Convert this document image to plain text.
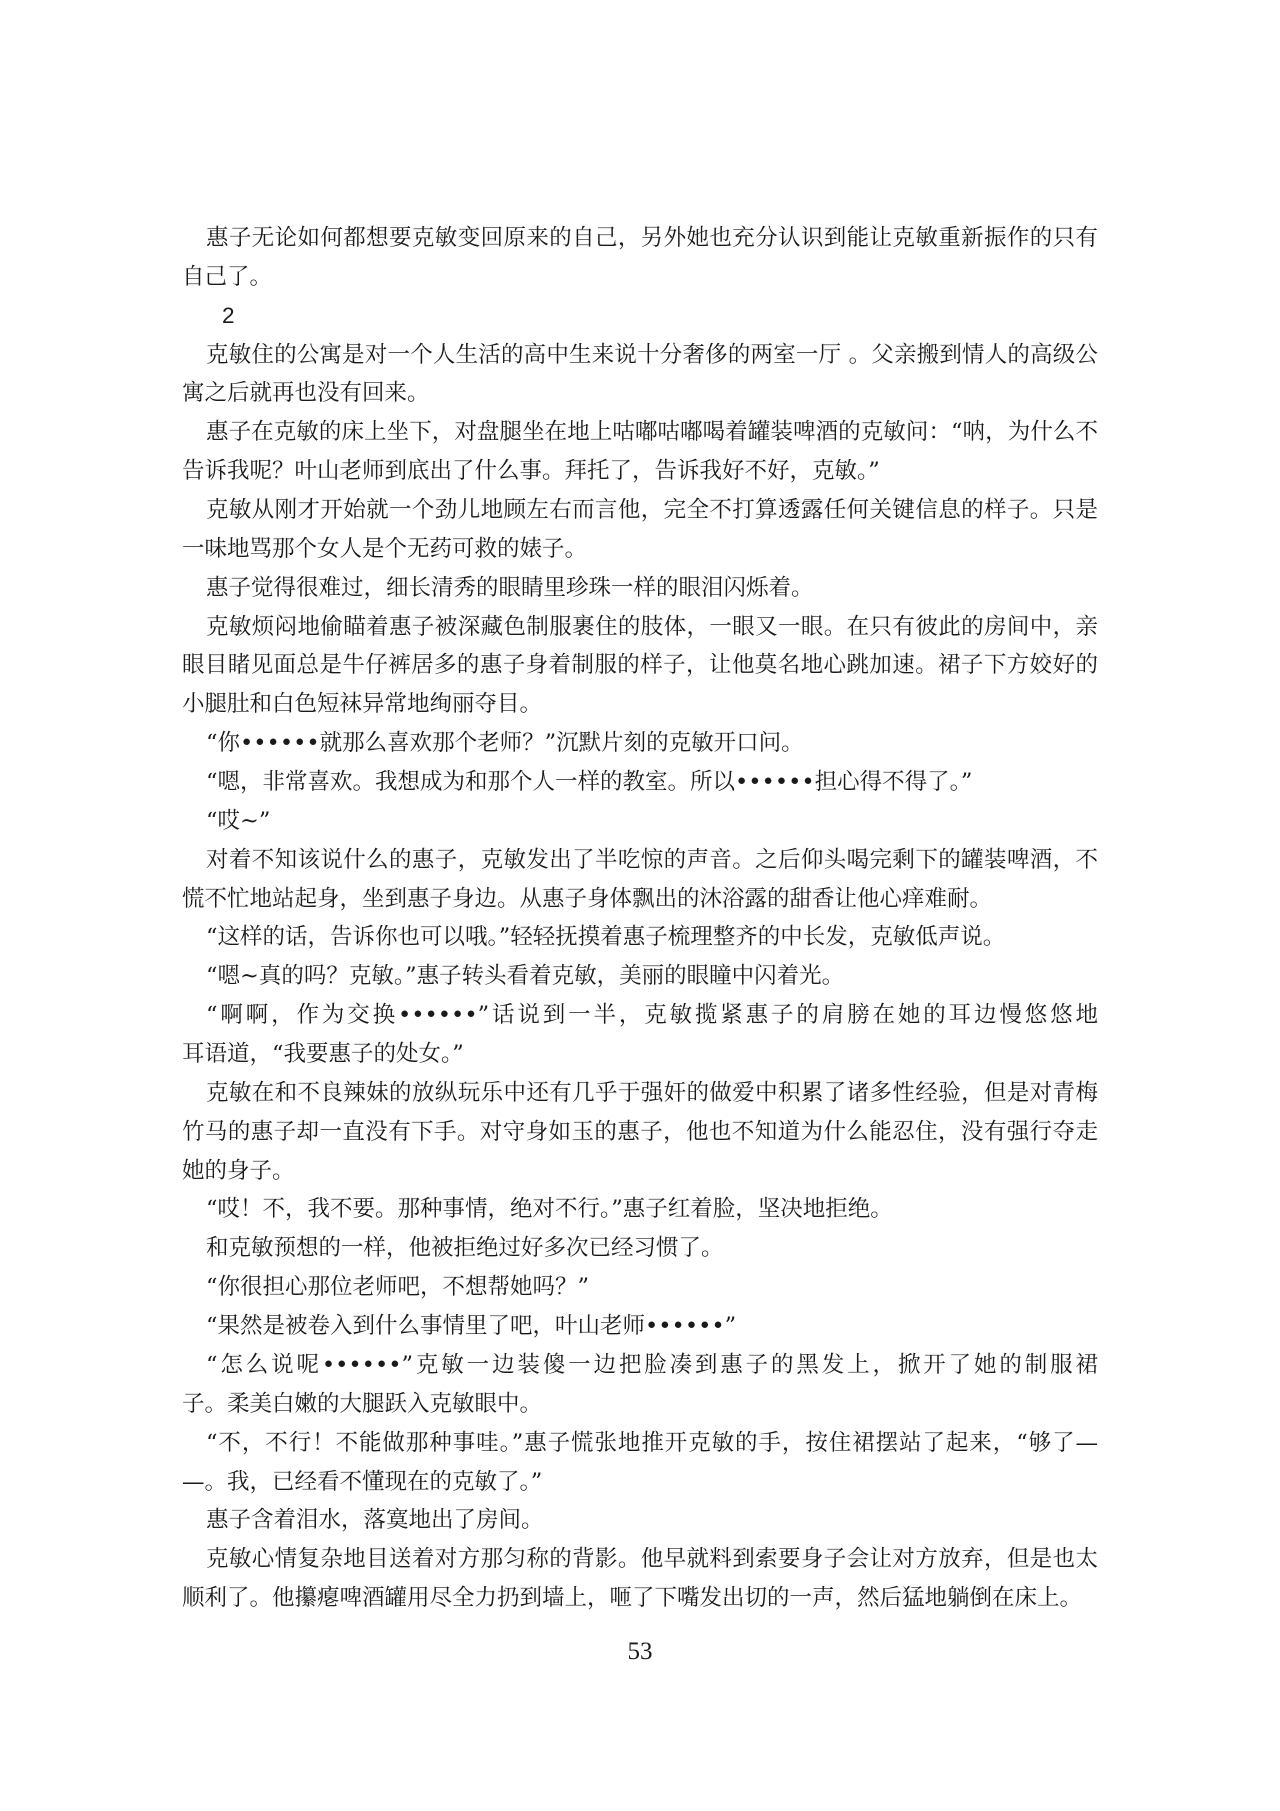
惠子无论如何都想要克敏变回原来的自己，另外她也充分认识到能让克敏重新振作的只有
自己了。
2
克敏住的公寓是对一个人生活的高中生来说十分奢侈的两室一厅 。父亲搬到情人的高级公
寓之后就再也没有回来。
惠子在克敏的床上坐下，对盘腿坐在地上咕嘟咕嘟喝着罐装啤酒的克敏问：“呐，为什么不
告诉我呢？叶山老师到底出了什么事。拜托了，告诉我好不好，克敏。”
克敏从刚才开始就一个劲儿地顾左右而言他，完全不打算透露任何关键信息的样子。只是
一味地骂那个女人是个无药可救的婊子。
惠子觉得很难过，细长清秀的眼睛里珍珠一样的眼泪闪烁着。
克敏烦闷地偷瞄着惠子被深藏色制服裹住的肢体，一眼又一眼。在只有彼此的房间中，亲
眼目睹见面总是牛仔裤居多的惠子身着制服的样子，让他莫名地心跳加速。裙子下方姣好的
小腿肚和白色短袜异常地绚丽夺目。
“你••••••就那么喜欢那个老师？”沉默片刻的克敏开口问。
“嗯，非常喜欢。我想成为和那个人一样的教室。所以••••••担心得不得了。”
“哎~”
对着不知该说什么的惠子，克敏发出了半吃惊的声音。之后仰头喝完剩下的罐装啤酒，不
慌不忙地站起身，坐到惠子身边。从惠子身体飘出的沐浴露的甜香让他心痒难耐。
“这样的话，告诉你也可以哦。”轻轻抚摸着惠子梳理整齐的中长发，克敏低声说。
“嗯~真的吗？克敏。”惠子转头看着克敏，美丽的眼瞳中闪着光。
“啊啊，作为交换••••••”话说到一半，克敏揽紧惠子的肩膀在她的耳边慢悠悠地
耳语道，“我要惠子的处女。”
克敏在和不良辣妹的放纵玩乐中还有几乎于强奸的做爱中积累了诸多性经验，但是对青梅
竹马的惠子却一直没有下手。对守身如玉的惠子，他也不知道为什么能忍住，没有强行夺走
她的身子。
“哎！不，我不要。那种事情，绝对不行。”惠子红着脸，坚决地拒绝。
和克敏预想的一样，他被拒绝过好多次已经习惯了。
“你很担心那位老师吧，不想帮她吗？”
“果然是被卷入到什么事情里了吧，叶山老师••••••”
“怎么说呢••••••”克敏一边装傻一边把脸凑到惠子的黑发上，掀开了她的制服裙
子。柔美白嫩的大腿跃入克敏眼中。
“不，不行！不能做那种事哇。”惠子慌张地推开克敏的手，按住裙摆站了起来，“够了—
—。我，已经看不懂现在的克敏了。”
惠子含着泪水，落寞地出了房间。
克敏心情复杂地目送着对方那匀称的背影。他早就料到索要身子会让对方放弃，但是也太
顺利了。他攥瘪啤酒罐用尽全力扔到墙上，咂了下嘴发出切的一声，然后猛地躺倒在床上。
53
